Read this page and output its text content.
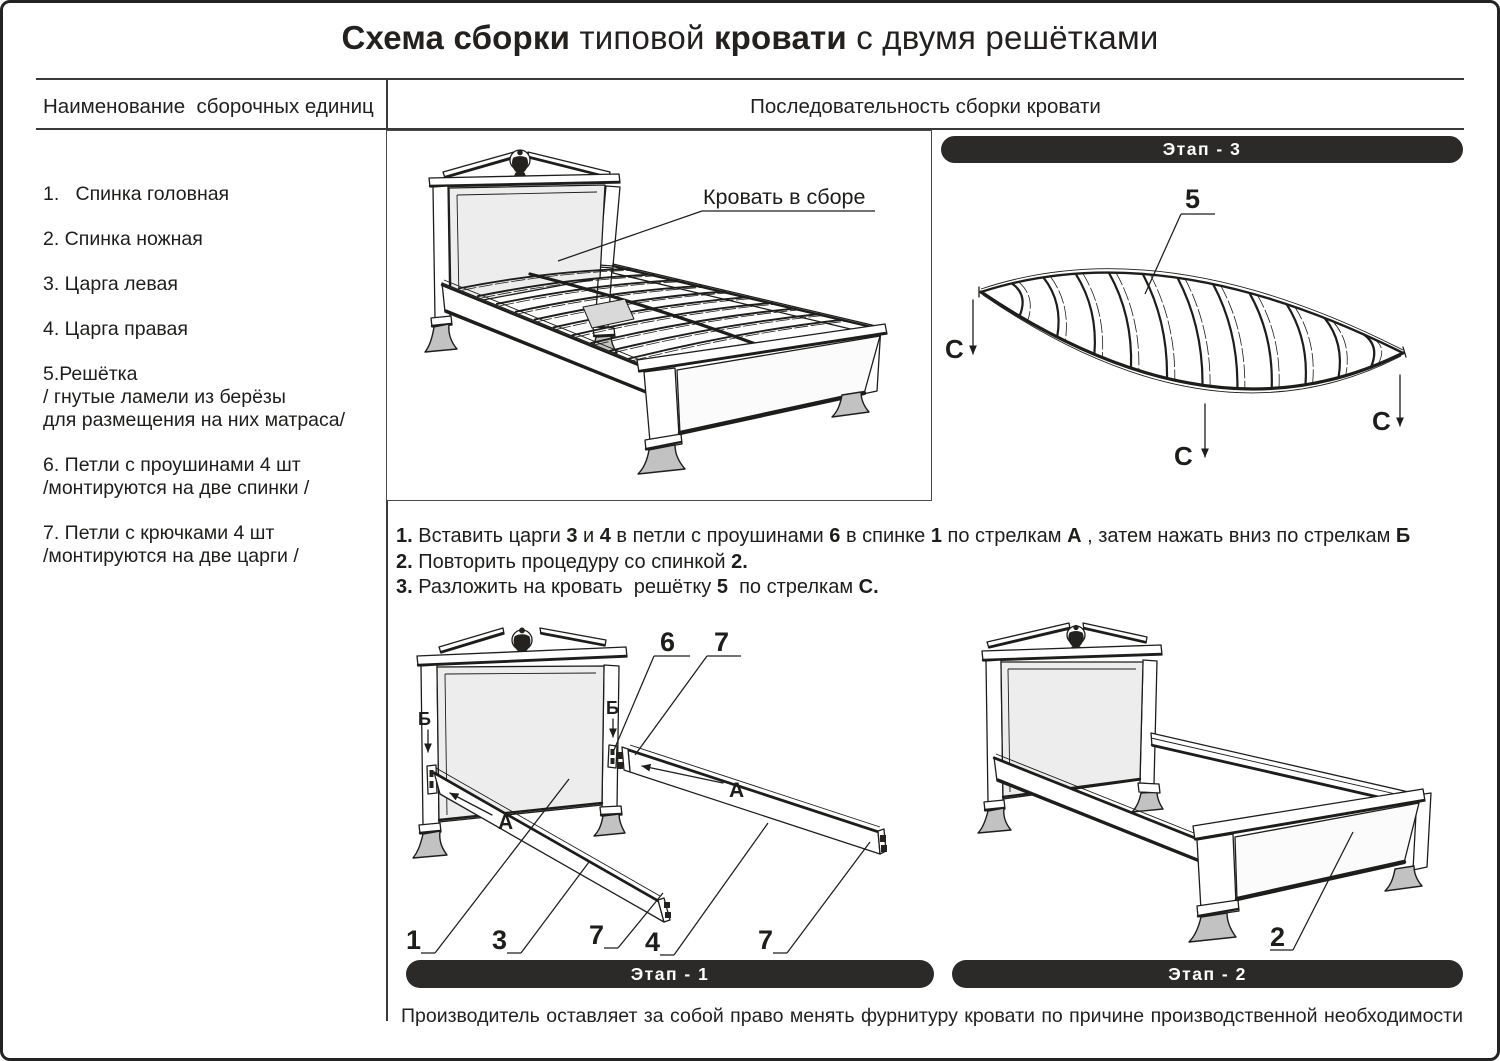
Схема сборки типовой кровати с двумя решётками
Наименование  сборочных единиц	Последовательность сборки кровати
1.   Спинка головная
2. Спинка ножная
3. Царга левая
4. Царга правая
5.Решётка
/ гнутые ламели из берёзы
для размещения на них матраса/
6. Петли с проушинами 4 шт
/монтируются на две спинки /
7. Петли с крючками 4 шт
/монтируются на две царги /
Кровать в сборе
Этап - 3
5
С
С
С
1. Вставить царги 3 и 4 в петли с проушинами 6 в спинке 1 по стрелкам А , затем нажать вниз по стрелкам Б
2. Повторить процедуру со спинкой 2.
3. Разложить на кровать  решётку 5  по стрелкам С.
Б
Б
А
А
6 7
1	3	7 4	7
Этап - 1
2
Этап - 2
Производитель оставляет за собой право менять фурнитуру кровати по причине производственной необходимости
